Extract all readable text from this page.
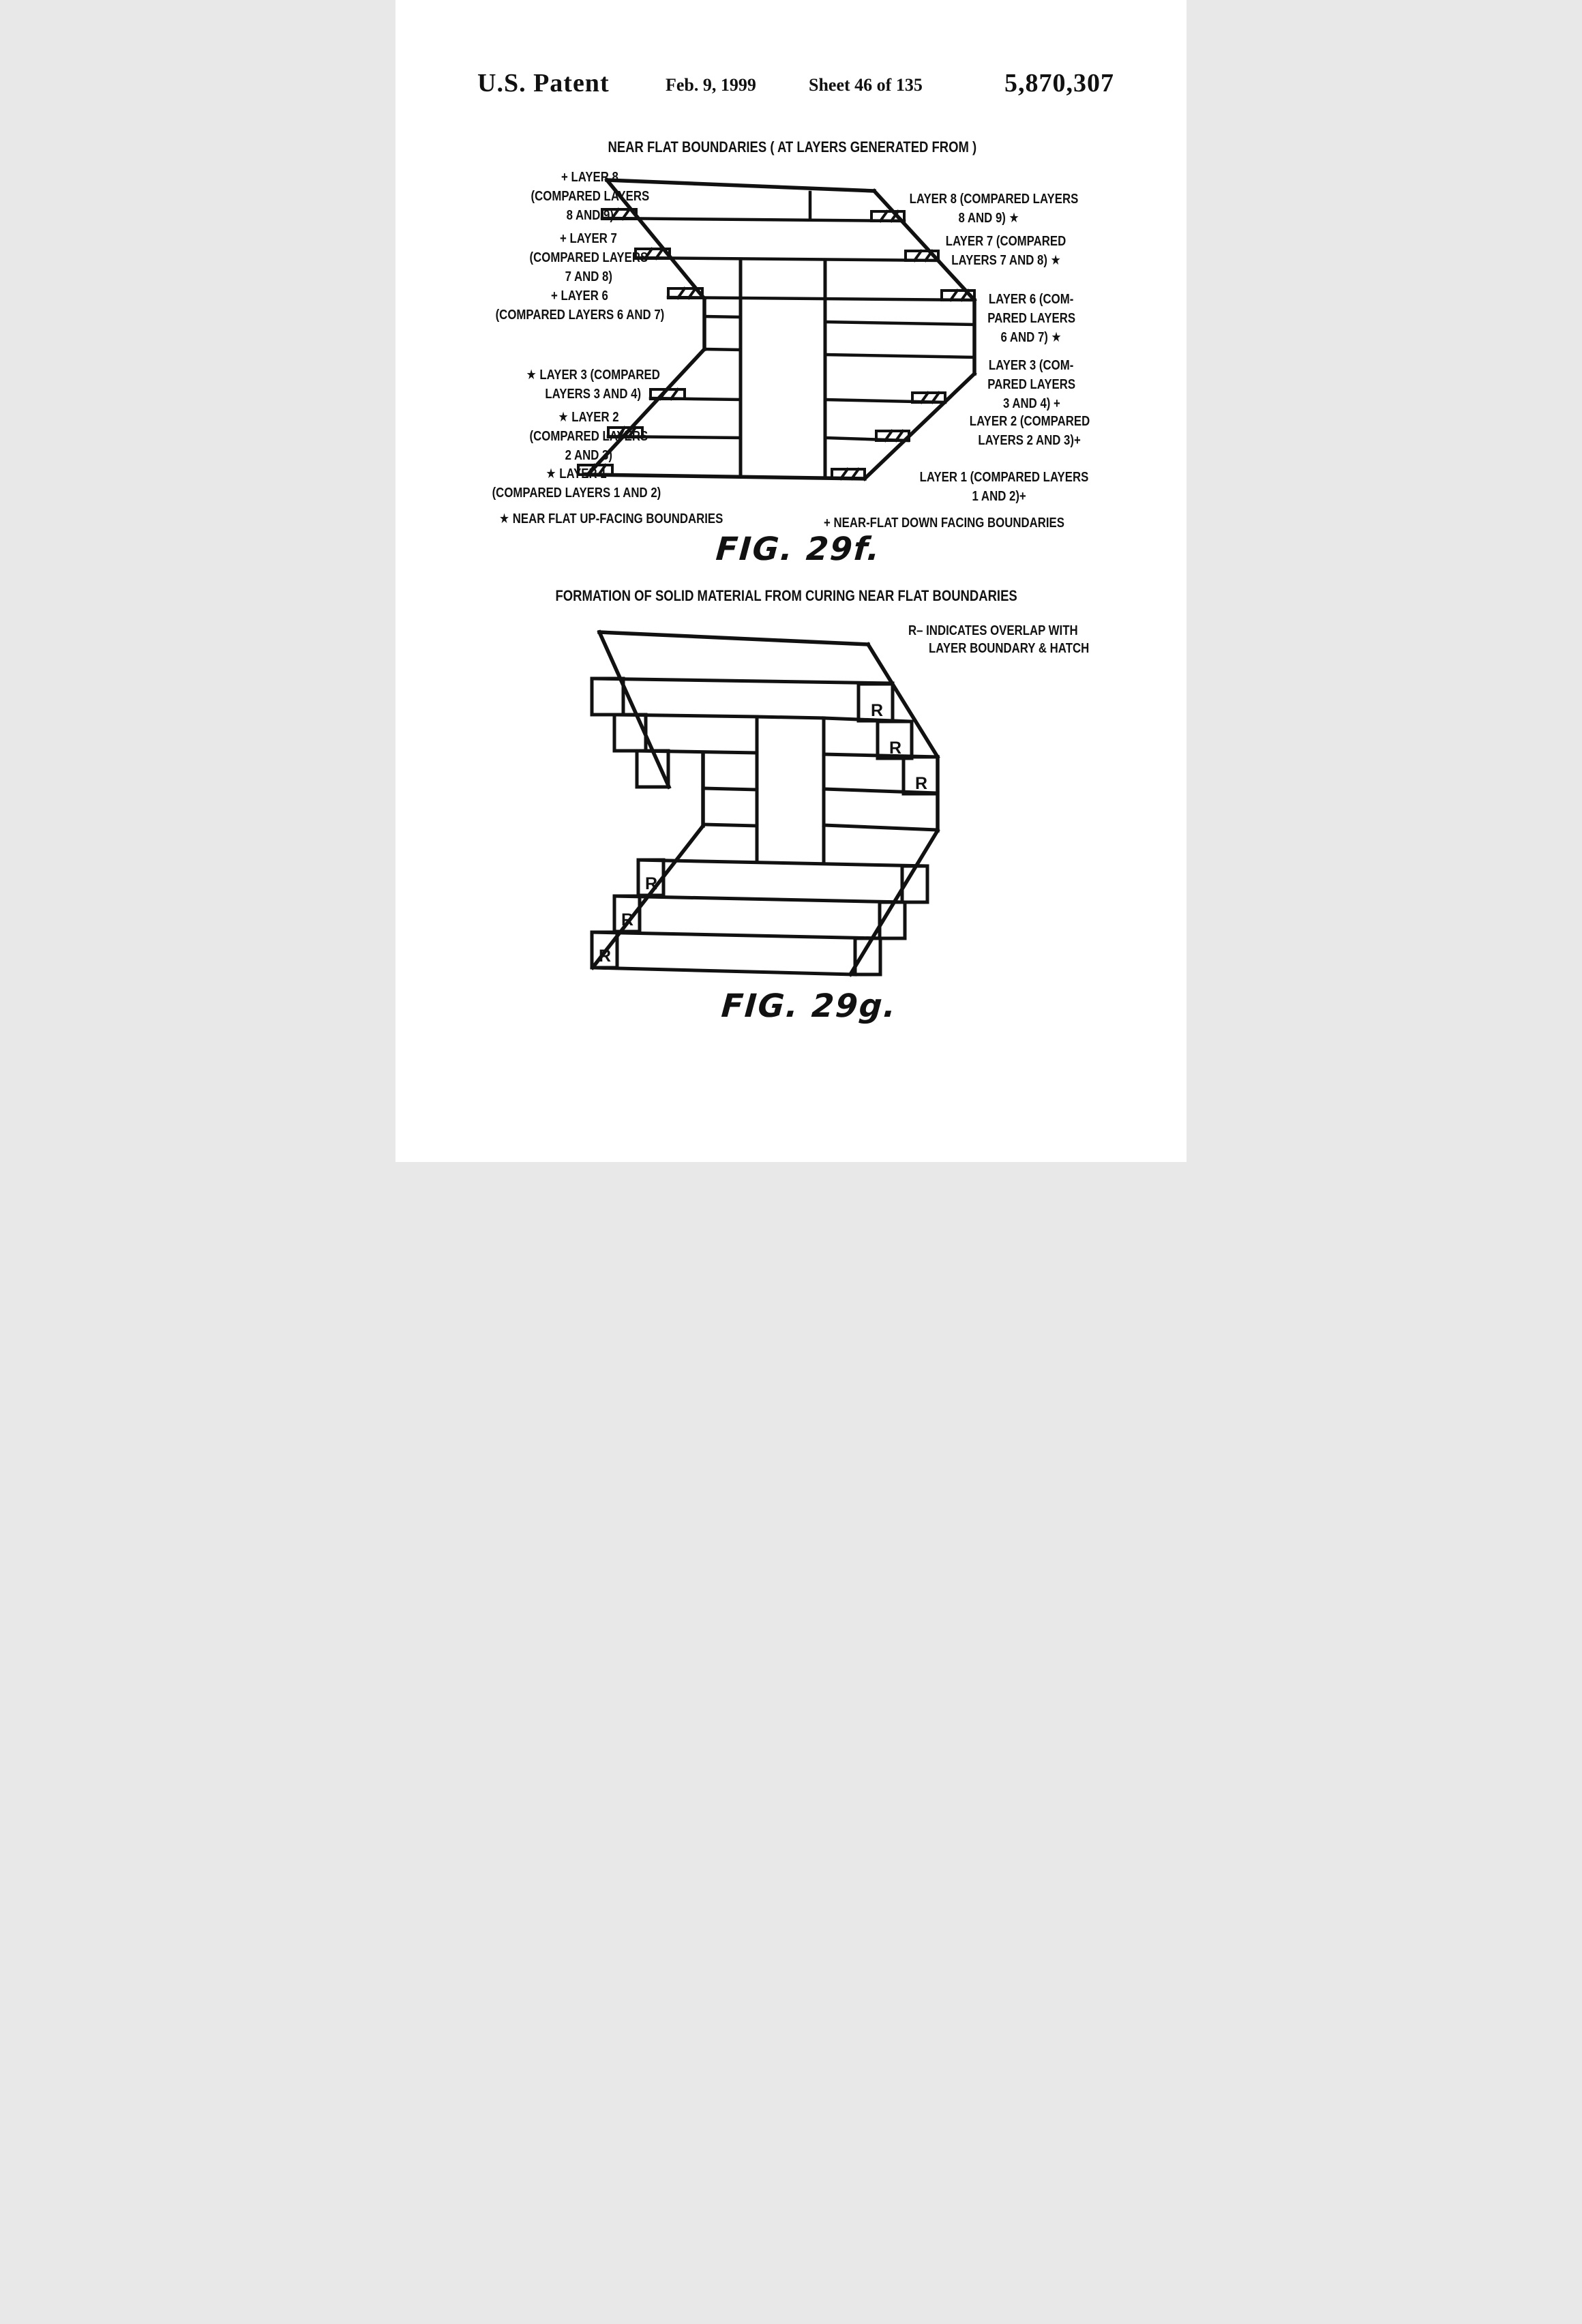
U.S. Patent	Feb. 9, 1999	Sheet 46 of 135	5,870,307
NEAR FLAT BOUNDARIES ( AT LAYERS GENERATED FROM )
+ LAYER 8
(COMPARED LAYERS
8 AND 9)
+ LAYER 7
(COMPARED LAYERS
7 AND 8)
+ LAYER 6
(COMPARED LAYERS 6 AND 7)
★ LAYER 3 (COMPARED
LAYERS 3 AND 4)
★ LAYER 2
(COMPARED LAYERS
2 AND 3)
★ LAYER 1
(COMPARED LAYERS 1 AND 2)
LAYER 8 (COMPARED LAYERS
8 AND 9) ★
LAYER 7 (COMPARED
LAYERS 7 AND 8) ★
LAYER 6 (COM-
PARED LAYERS
6 AND 7) ★
LAYER 3 (COM-
PARED LAYERS
3 AND 4) +
LAYER 2 (COMPARED
LAYERS 2 AND 3)+
LAYER 1 (COMPARED LAYERS
1 AND 2)+
★ NEAR FLAT UP-FACING BOUNDARIES	+ NEAR-FLAT DOWN FACING BOUNDARIES
FIG. 29f.
FORMATION OF SOLID MATERIAL FROM CURING NEAR FLAT BOUNDARIES
R– INDICATES OVERLAP WITH
LAYER BOUNDARY & HATCH
R
R
R
R
R
R
FIG. 29g.
